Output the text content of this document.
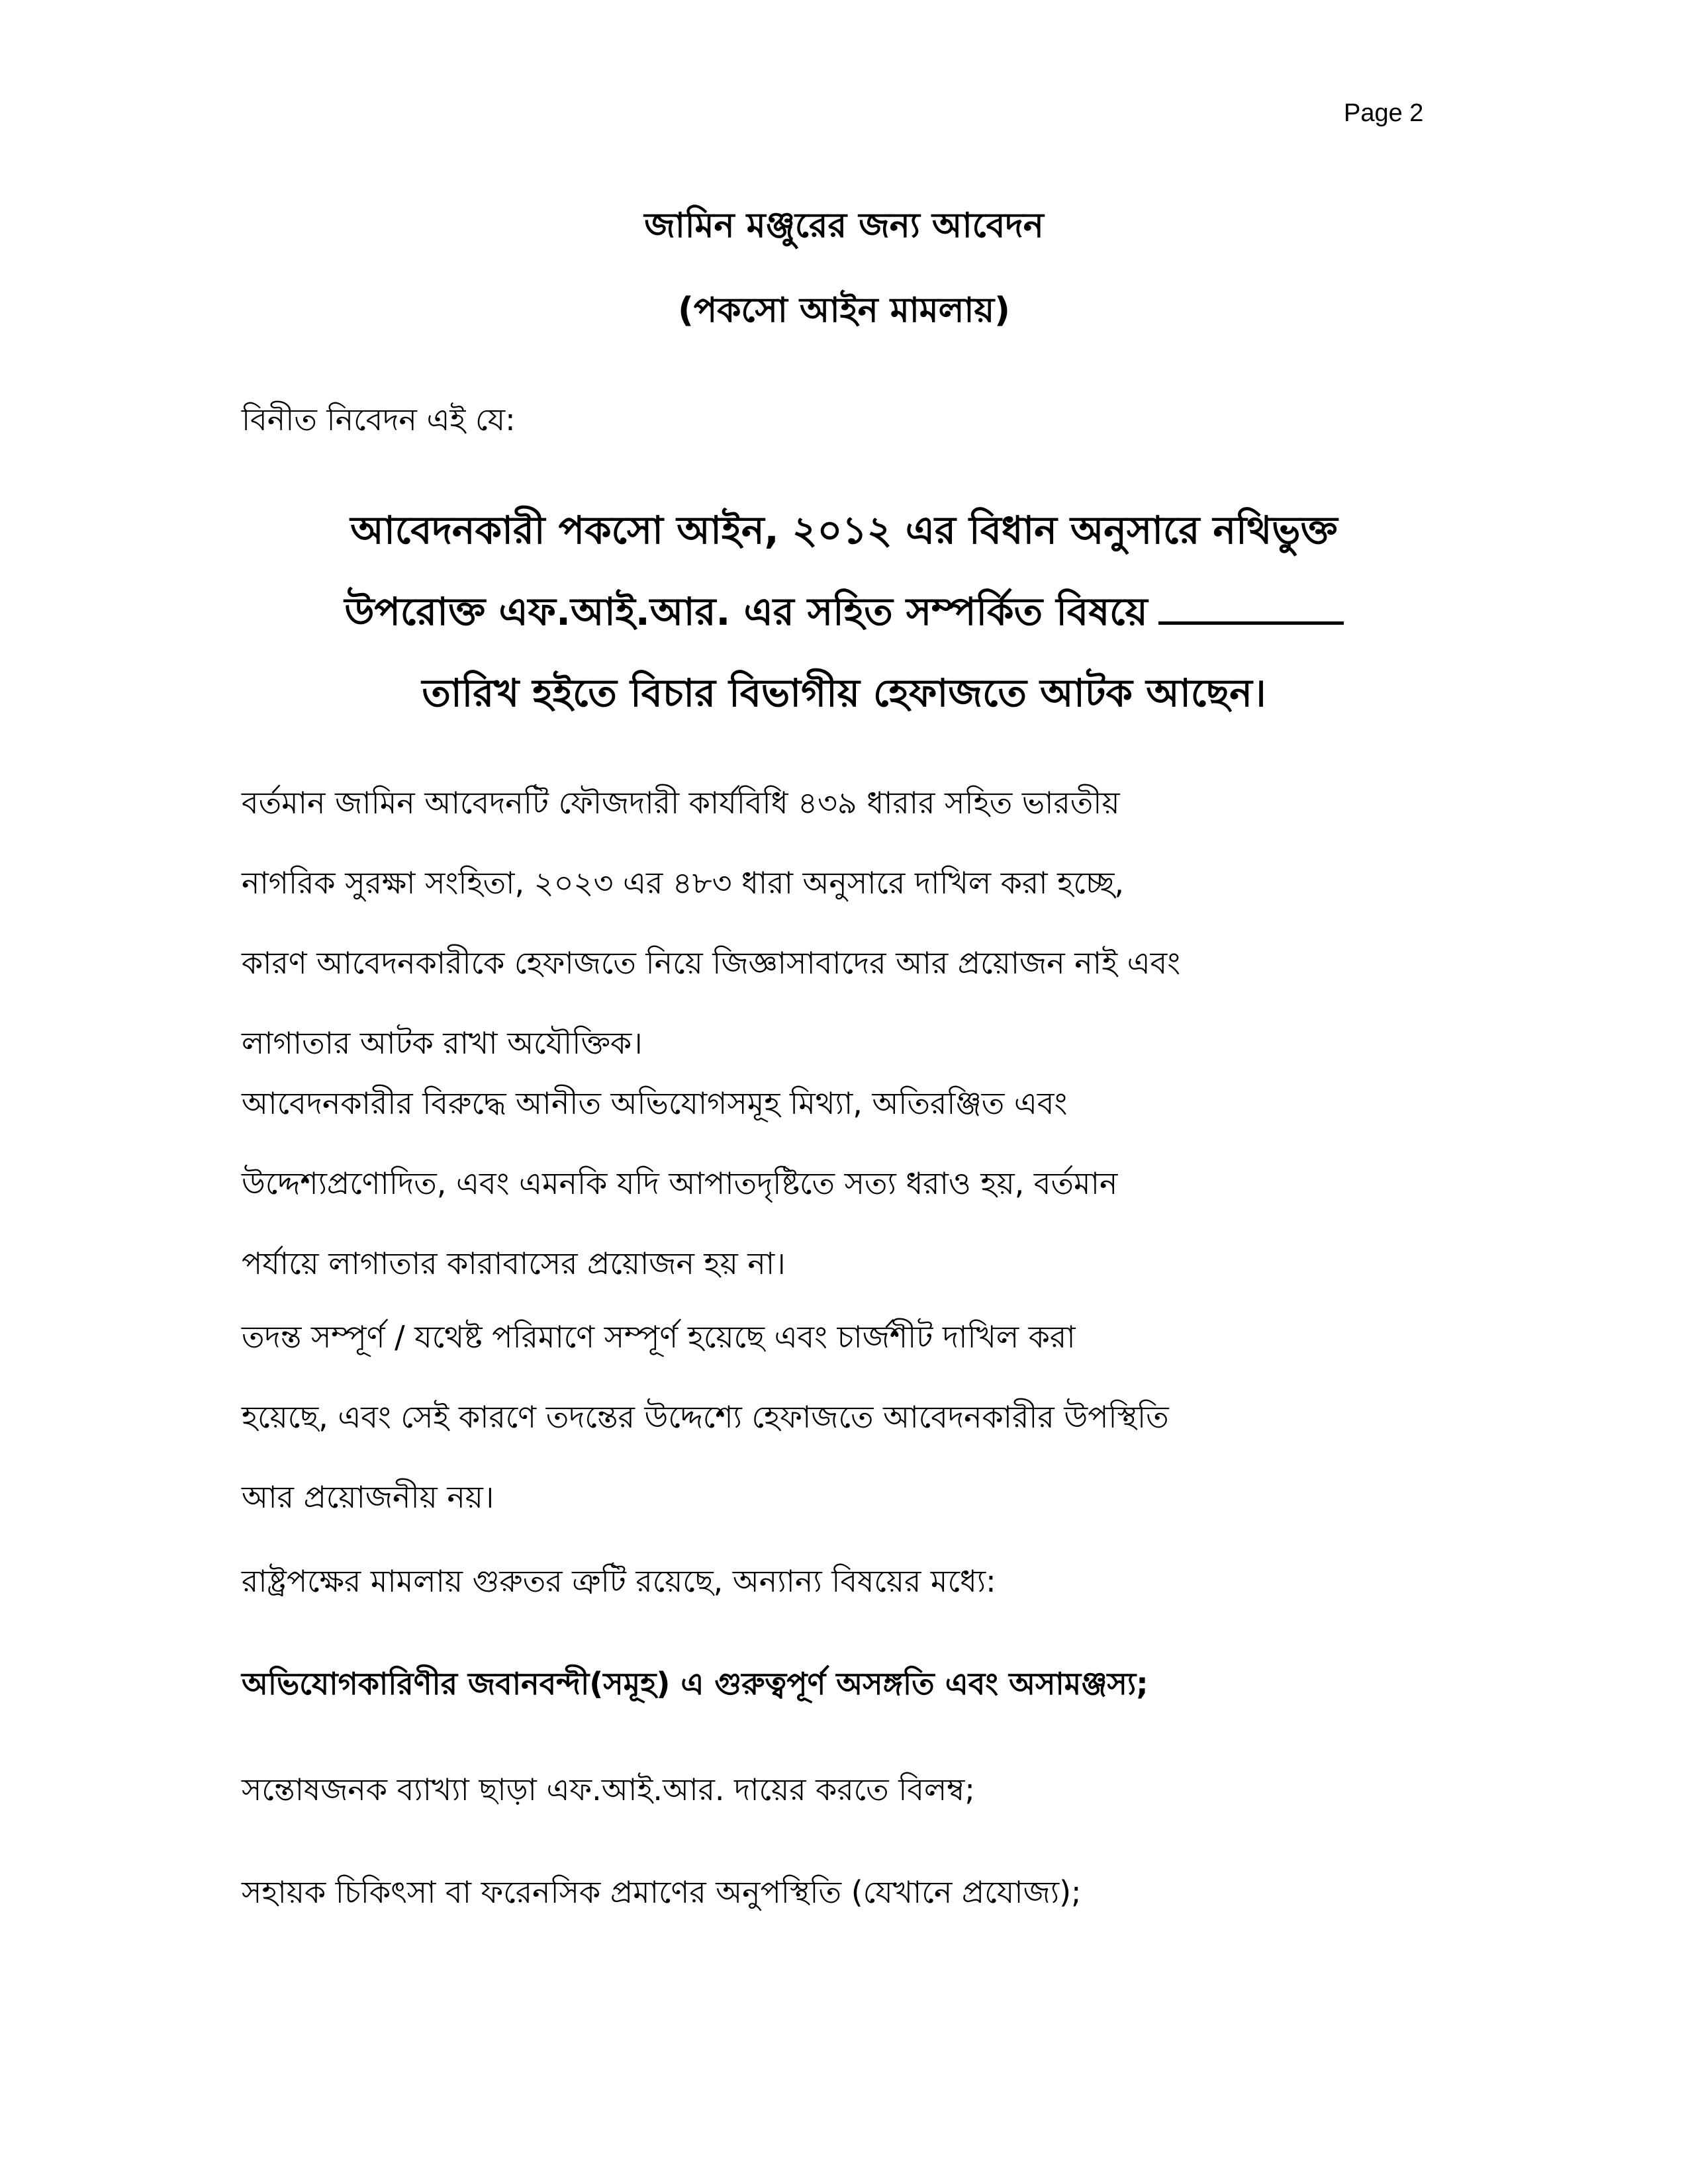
Page 2
জামিন মঞ্জুরের জন্য আবেদন
(পকসো আইন মামলায়)
বিনীত নিবেদন এই যে:
আবেদনকারী পকসো আইন, ২০১২ এর বিধান অনুসারে নথিভুক্ত
উপরোক্ত এফ.আই.আর. এর সহিত সম্পর্কিত বিষয়ে
তারিখ হইতে বিচার বিভাগীয় হেফাজতে আটক আছেন।
বর্তমান জামিন আবেদনটি ফৌজদারী কার্যবিধি ৪৩৯ ধারার সহিত ভারতীয়
নাগরিক সুরক্ষা সংহিতা, ২০২৩ এর ৪৮৩ ধারা অনুসারে দাখিল করা হচ্ছে,
কারণ আবেদনকারীকে হেফাজতে নিয়ে জিজ্ঞাসাবাদের আর প্রয়োজন নাই এবং
লাগাতার আটক রাখা অযৌক্তিক।
আবেদনকারীর বিরুদ্ধে আনীত অভিযোগসমূহ মিথ্যা, অতিরঞ্জিত এবং
উদ্দেশ্যপ্রণোদিত, এবং এমনকি যদি আপাতদৃষ্টিতে সত্য ধরাও হয়, বর্তমান
পর্যায়ে লাগাতার কারাবাসের প্রয়োজন হয় না।
তদন্ত সম্পূর্ণ / যথেষ্ট পরিমাণে সম্পূর্ণ হয়েছে এবং চার্জশীট দাখিল করা
হয়েছে, এবং সেই কারণে তদন্তের উদ্দেশ্যে হেফাজতে আবেদনকারীর উপস্থিতি
আর প্রয়োজনীয় নয়।
রাষ্ট্রপক্ষের মামলায় গুরুতর ত্রুটি রয়েছে, অন্যান্য বিষয়ের মধ্যে:
অভিযোগকারিণীর জবানবন্দী(সমূহ) এ গুরুত্বপূর্ণ অসঙ্গতি এবং অসামঞ্জস্য;
সন্তোষজনক ব্যাখ্যা ছাড়া এফ.আই.আর. দায়ের করতে বিলম্ব;
সহায়ক চিকিৎসা বা ফরেনসিক প্রমাণের অনুপস্থিতি (যেখানে প্রযোজ্য);
